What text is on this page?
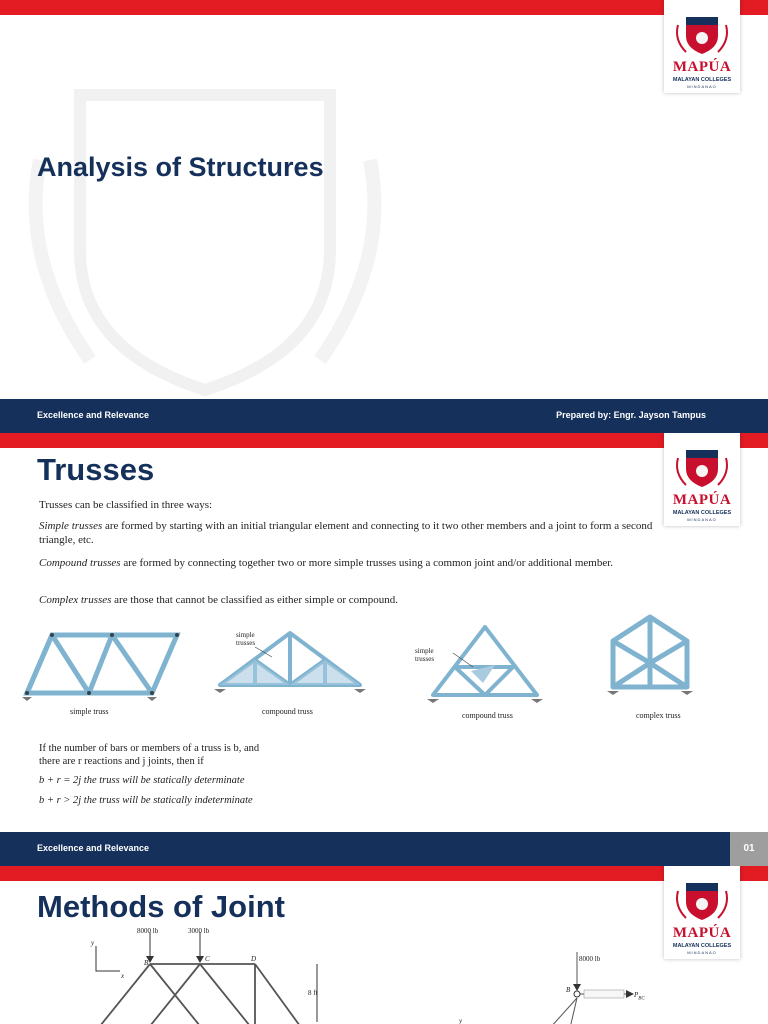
MAPÚA
MALAYAN COLLEGES
MINDANAO
Analysis of Structures
Excellence and Relevance	Prepared by: Engr. Jayson Tampus
MAPÚA
MALAYAN COLLEGES
MINDANAO
Trusses
Trusses can be classified in three ways:
Simple trusses are formed by starting with an initial triangular element and connecting to it two other members and a joint to form a second triangle, etc.
Compound trusses are formed by connecting together two or more simple trusses using a common joint and/or additional member.
Complex trusses are those that cannot be classified as either simple or compound.
simple truss
simple
trusses
compound truss
simple
trusses
compound truss	complex truss
If the number of bars or members of a truss is b, and
there are r reactions and j joints, then if
b + r = 2j the truss will be statically determinate
b + r > 2j the truss will be statically indeterminate
Excellence and Relevance	01
MAPÚA
MALAYAN COLLEGES
MINDANAO
Methods of Joint
8000 lb	3000 lb
B	C	D
y
x
8 ft
8000 lb
B
$P_{BC}$
y
